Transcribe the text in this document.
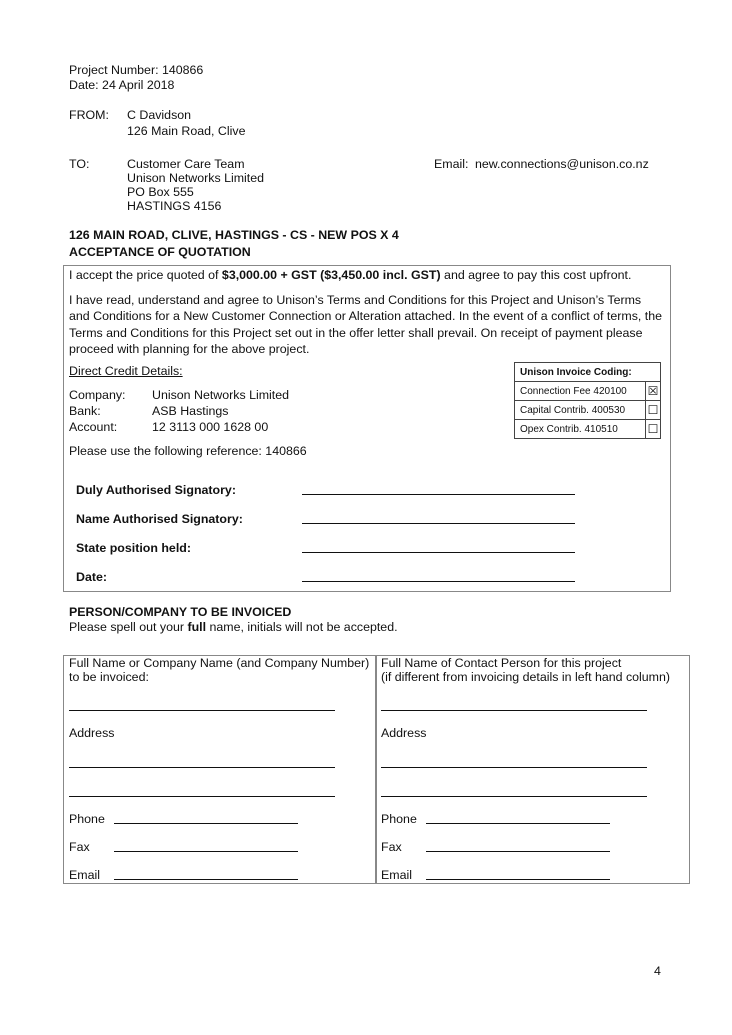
Project Number: 140866
Date: 24 April 2018
FROM: C Davidson
126 Main Road, Clive
TO:	Customer Care Team
Unison Networks Limited
PO Box 555
HASTINGS 4156
Email: new.connections@unison.co.nz
126 MAIN ROAD, CLIVE, HASTINGS - CS - NEW POS X 4
ACCEPTANCE OF QUOTATION
I accept the price quoted of $3,000.00 + GST ($3,450.00 incl. GST) and agree to pay this cost upfront.
I have read, understand and agree to Unison’s Terms and Conditions for this Project and Unison’s Terms and Conditions for a New Customer Connection or Alteration attached. In the event of a conflict of terms, the Terms and Conditions for this Project set out in the offer letter shall prevail. On receipt of payment please proceed with planning for the above project.
Direct Credit Details:
Company: Unison Networks Limited
Bank:	ASB Hastings
Account:	12 3113 000 1628 00
Please use the following reference: 140866
Unison Invoice Coding:	
Connection Fee 420100	☒
Capital Contrib. 400530	☐
Opex Contrib. 410510	☐
Duly Authorised Signatory:
Name Authorised Signatory:
State position held:
Date:
PERSON/COMPANY TO BE INVOICED
Please spell out your full name, initials will not be accepted.
Full Name or Company Name (and Company Number)
to be invoiced:
Address
Phone
Fax
Email
Full Name of Contact Person for this project
(if different from invoicing details in left hand column)
Address
Phone
Fax
Email
4
